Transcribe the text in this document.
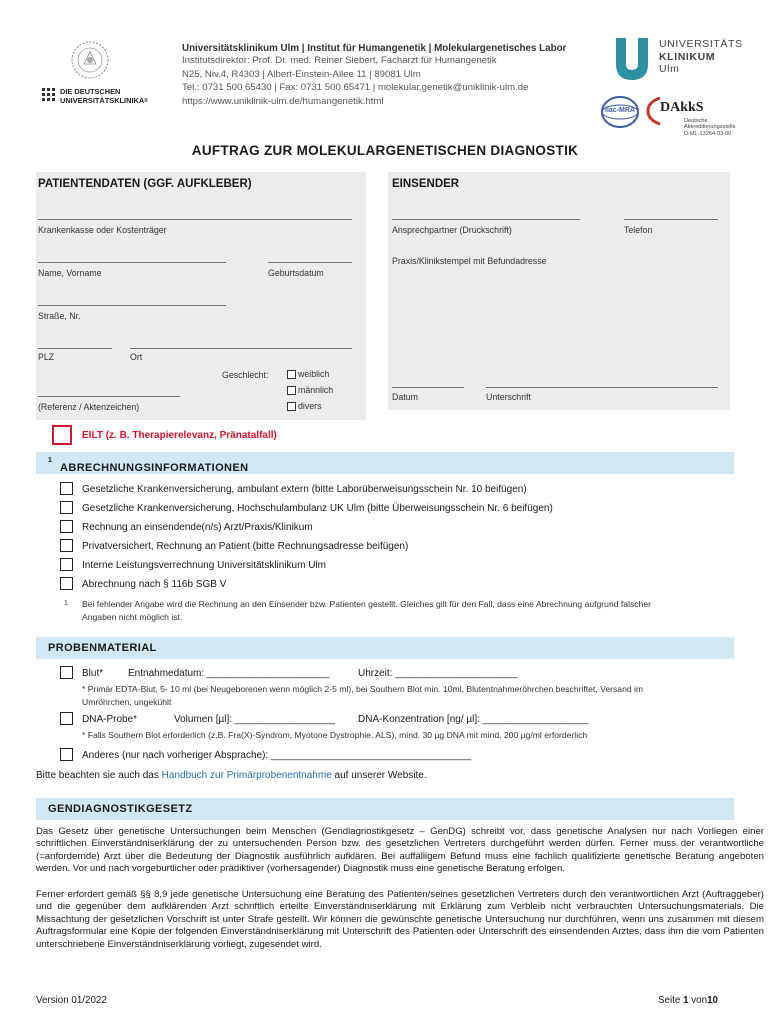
DIE DEUTSCHEN
UNIVERSITÄTSKLINIKA®
Universitätsklinikum Ulm | Institut für Humangenetik | Molekulargenetisches Labor
Institutsdirektor: Prof. Dr. med. Reiner Siebert, Facharzt für Humangenetik
N25, Niv.4, R4303 | Albert-Einstein-Allee 11 | 89081 Ulm
Tel.: 0731 500 65430 | Fax: 0731 500 65471 | molekular.genetik@uniklinik-ulm.de
https://www.uniklinik-ulm.de/humangenetik.html
UNIVERSITÄTS
KLINIKUM
Ulm
ilac-MRA	DAkkS
Deutsche
Akkreditierungsstelle
D-ML-13264-03-00
AUFTRAG ZUR MOLEKULARGENETISCHEN DIAGNOSTIK
PATIENTENDATEN (GGF. AUFKLEBER)	EINSENDER
Krankenkasse oder Kostenträger
Name, Vorname	Geburtsdatum
Straße, Nr.
PLZ	Ort
Geschlecht:	weiblich
männlich
divers
(Referenz / Aktenzeichen)
Ansprechpartner (Druckschrift)	Telefon
Praxis/Klinikstempel mit Befundadresse
Datum	Unterschrift
EILT (z. B. Therapierelevanz, Pränatalfall)
ABRECHNUNGSINFORMATIONEN
$^1$
Gesetzliche Krankenversicherung, ambulant extern (bitte Laborüberweisungsschein Nr. 10 beifügen)
Gesetzliche Krankenversicherung, Hochschulambulanz UK Ulm (bitte Überweisungsschein Nr. 6 beifügen)
Rechnung an einsendende(n/s) Arzt/Praxis/Klinikum
Privatversichert, Rechnung an Patient (bitte Rechnungsadresse beifügen)
Interne Leistungsverrechnung Universitätsklinikum Ulm
Abrechnung nach § 116b SGB V
1 Bei fehlender Angabe wird die Rechnung an den Einsender bzw. Patienten gestellt. Gleiches gilt für den Fall, dass eine Abrechnung aufgrund falscher
Angaben nicht möglich ist.
PROBENMATERIAL
Blut* Entnahmedatum: ______________________	Uhrzeit: ______________________
* Primär EDTA-Blut, 5- 10 ml (bei Neugeborenen wenn möglich 2-5 ml), bei Southern Blot min. 10ml, Blutentnahmeröhrchen beschriftet, Versand im
Umröhrchen, ungekühlt
DNA-Probe*	Volumen [µl]: __________________ DNA-Konzentration [ng/ µl]: ___________________
* Falls Southern Blot erforderlich (z.B. Fra(X)-Syndrom, Myotone Dystrophie, ALS), mind. 30 µg DNA mit mind. 200 µg/ml erforderlich
Anderes (nur nach vorheriger Absprache): ____________________________________
Bitte beachten sie auch das Handbuch zur Primärprobenentnahme auf unserer Website.
GENDIAGNOSTIKGESETZ
Das Gesetz über genetische Untersuchungen beim Menschen (Gendiagnostikgesetz – GenDG) schreibt vor, dass genetische Analysen nur nach Vorliegen einer schriftlichen Einverständniserklärung der zu untersuchenden Person bzw. des gesetzlichen Vertreters durchgeführt werden dürfen. Ferner muss der verantwortliche (=anfordernde) Arzt über die Bedeutung der Diagnostik ausführlich aufklären. Bei auffälligem Befund muss eine fachlich qualifizierte genetische Beratung angeboten werden. Vor und nach vorgeburtlicher oder prädiktiver (vorhersagender) Diagnostik muss eine genetische Beratung erfolgen.
Ferner erfordert gemäß §§ 8,9 jede genetische Untersuchung eine Beratung des Patienten/seines gesetzlichen Vertreters durch den verantwortlichen Arzt (Auftraggeber) und die gegenüber dem aufklärenden Arzt schriftlich erteilte Einverständniserklärung mit Erklärung zum Verbleib nicht verbrauchten Untersuchungsmaterials. Die Missachtung der gesetzlichen Vorschrift ist unter Strafe gestellt. Wir können die gewünschte genetische Untersuchung nur durchführen, wenn uns zusammen mit diesem Auftragsformular eine Kopie der folgenden Einverständniserklärung mit Unterschrift des Patienten oder Unterschrift des einsendenden Arztes, dass ihm die vom Patienten unterschriebene Einverständniserklärung vorliegt, zugesendet wird.
Version 01/2022	Seite 1 von10
